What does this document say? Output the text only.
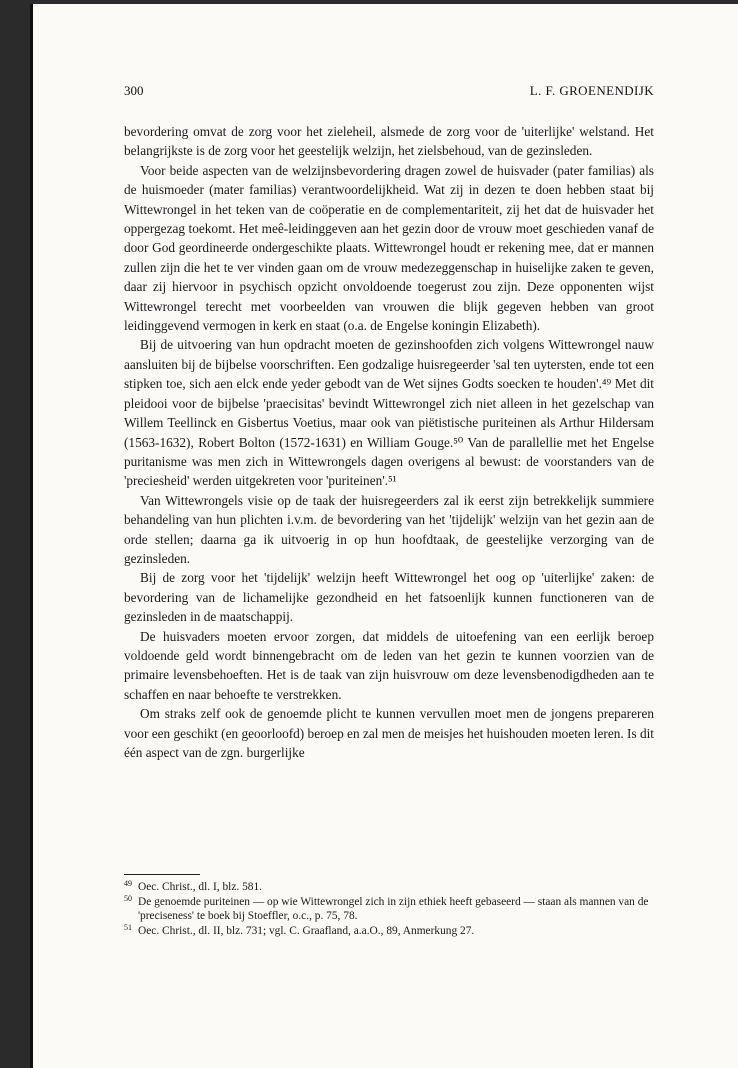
300	L. F. GROENENDIJK

bevordering omvat de zorg voor het zieleheil, alsmede de zorg voor de 'uiterlijke' welstand. Het belangrijkste is de zorg voor het geestelijk welzijn, het zielsbehoud, van de gezinsleden.

Voor beide aspecten van de welzijnsbevordering dragen zowel de huisvader (pater familias) als de huismoeder (mater familias) verantwoordelijkheid. Wat zij in dezen te doen hebben staat bij Wittewrongel in het teken van de coöperatie en de complementariteit, zij het dat de huisvader het oppergezag toekomt. Het meê-leidinggeven aan het gezin door de vrouw moet geschieden vanaf de door God geordineerde ondergeschikte plaats. Wittewrongel houdt er rekening mee, dat er mannen zullen zijn die het te ver vinden gaan om de vrouw medezeggenschap in huiselijke zaken te geven, daar zij hiervoor in psychisch opzicht onvoldoende toegerust zou zijn. Deze opponenten wijst Wittewrongel terecht met voorbeelden van vrouwen die blijk gegeven hebben van groot leidinggevend vermogen in kerk en staat (o.a. de Engelse koningin Elizabeth).

Bij de uitvoering van hun opdracht moeten de gezinshoofden zich volgens Wittewrongel nauw aansluiten bij de bijbelse voorschriften. Een godzalige huisregeerder 'sal ten uytersten, ende tot een stipken toe, sich aen elck ende yeder gebodt van de Wet sijnes Godts soecken te houden'.⁴⁹ Met dit pleidooi voor de bijbelse 'praecisitas' bevindt Wittewrongel zich niet alleen in het gezelschap van Willem Teellinck en Gisbertus Voetius, maar ook van piëtistische puriteinen als Arthur Hildersam (1563-1632), Robert Bolton (1572-1631) en William Gouge.⁵⁰ Van de parallellie met het Engelse puritanisme was men zich in Wittewrongels dagen overigens al bewust: de voorstanders van de 'preciesheid' werden uitgekreten voor 'puriteinen'.⁵¹

Van Wittewrongels visie op de taak der huisregeerders zal ik eerst zijn betrekkelijk summiere behandeling van hun plichten i.v.m. de bevordering van het 'tijdelijk' welzijn van het gezin aan de orde stellen; daarna ga ik uitvoerig in op hun hoofdtaak, de geestelijke verzorging van de gezinsleden.

Bij de zorg voor het 'tijdelijk' welzijn heeft Wittewrongel het oog op 'uiterlijke' zaken: de bevordering van de lichamelijke gezondheid en het fatsoenlijk kunnen functioneren van de gezinsleden in de maatschappij.

De huisvaders moeten ervoor zorgen, dat middels de uitoefening van een eerlijk beroep voldoende geld wordt binnengebracht om de leden van het gezin te kunnen voorzien van de primaire levensbehoeften. Het is de taak van zijn huisvrouw om deze levensbenodigdheden aan te schaffen en naar behoefte te verstrekken.

Om straks zelf ook de genoemde plicht te kunnen vervullen moet men de jongens prepareren voor een geschikt (en geoorloofd) beroep en zal men de meisjes het huishouden moeten leren. Is dit één aspect van de zgn. burgerlijke

49 Oec. Christ., dl. I, blz. 581.
50 De genoemde puriteinen — op wie Wittewrongel zich in zijn ethiek heeft gebaseerd — staan als mannen van de 'preciseness' te boek bij Stoeffler, o.c., p. 75, 78.
51 Oec. Christ., dl. II, blz. 731; vgl. C. Graafland, a.a.O., 89, Anmerkung 27.
